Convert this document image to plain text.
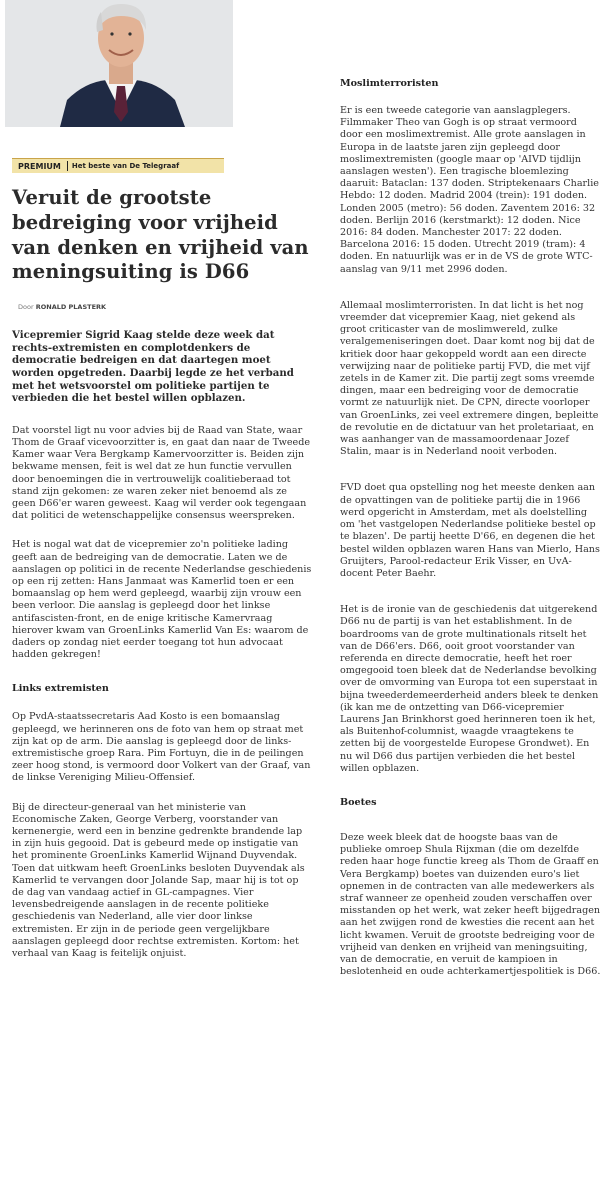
PREMIUM	Het beste van De Telegraaf
Veruit de grootste bedreiging voor vrijheid van denken en vrijheid van meningsuiting is D66
Door RONALD PLASTERK
Vicepremier Sigrid Kaag stelde deze week dat rechts-extremisten en complotdenkers de democratie bedreigen en dat daartegen moet worden opgetreden. Daarbij legde ze het verband met het wetsvoorstel om politieke partijen te verbieden die het bestel willen opblazen.

Dat voorstel ligt nu voor advies bij de Raad van State, waar Thom de Graaf vicevoorzitter is, en gaat dan naar de Tweede Kamer waar Vera Bergkamp Kamervoorzitter is. Beiden zijn bekwame mensen, feit is wel dat ze hun functie vervullen door benoemingen die in vertrouwelijk coalitieberaad tot stand zijn gekomen: ze waren zeker niet benoemd als ze geen D66'er waren geweest. Kaag wil verder ook tegengaan dat politici de wetenschappelijke consensus weerspreken.

Het is nogal wat dat de vicepremier zo'n politieke lading geeft aan de bedreiging van de democratie. Laten we de aanslagen op politici in de recente Nederlandse geschiedenis op een rij zetten: Hans Janmaat was Kamerlid toen er een bomaanslag op hem werd gepleegd, waarbij zijn vrouw een been verloor. Die aanslag is gepleegd door het linkse antifascisten-front, en de enige kritische Kamervraag hierover kwam van GroenLinks Kamerlid Van Es: waarom de daders op zondag niet eerder toegang tot hun advocaat hadden gekregen!

Links extremisten

Op PvdA-staatssecretaris Aad Kosto is een bomaanslag gepleegd, we herinneren ons de foto van hem op straat met zijn kat op de arm. Die aanslag is gepleegd door de links-extremistische groep Rara. Pim Fortuyn, die in de peilingen zeer hoog stond, is vermoord door Volkert van der Graaf, van de linkse Vereniging Milieu-Offensief.

Bij de directeur-generaal van het ministerie van Economische Zaken, George Verberg, voorstander van kernenergie, werd een in benzine gedrenkte brandende lap in zijn huis gegooid. Dat is gebeurd mede op instigatie van het prominente GroenLinks Kamerlid Wijnand Duyvendak. Toen dat uitkwam heeft GroenLinks besloten Duyvendak als Kamerlid te vervangen door Jolande Sap, maar hij is tot op de dag van vandaag actief in GL-campagnes. Vier levensbedreigende aanslagen in de recente politieke geschiedenis van Nederland, alle vier door linkse extremisten. Er zijn in de periode geen vergelijkbare aanslagen gepleegd door rechtse extremisten. Kortom: het verhaal van Kaag is feitelijk onjuist.

Moslimterroristen

Er is een tweede categorie van aanslagplegers. Filmmaker Theo van Gogh is op straat vermoord door een moslimextremist. Alle grote aanslagen in Europa in de laatste jaren zijn gepleegd door moslimextremisten (google maar op 'AIVD tijdlijn aanslagen westen'). Een tragische bloemlezing daaruit: Bataclan: 137 doden. Striptekenaars Charlie Hebdo: 12 doden. Madrid 2004 (trein): 191 doden. Londen 2005 (metro): 56 doden. Zaventem 2016: 32 doden. Berlijn 2016 (kerstmarkt): 12 doden. Nice 2016: 84 doden. Manchester 2017: 22 doden. Barcelona 2016: 15 doden. Utrecht 2019 (tram): 4 doden. En natuurlijk was er in de VS de grote WTC-aanslag van 9/11 met 2996 doden.

Allemaal moslimterroristen. In dat licht is het nog vreemder dat vicepremier Kaag, niet gekend als groot criticaster van de moslimwereld, zulke veralgemeniseringen doet. Daar komt nog bij dat de kritiek door haar gekoppeld wordt aan een directe verwijzing naar de politieke partij FVD, die met vijf zetels in de Kamer zit. Die partij zegt soms vreemde dingen, maar een bedreiging voor de democratie vormt ze natuurlijk niet. De CPN, directe voorloper van GroenLinks, zei veel extremere dingen, bepleitte de revolutie en de dictatuur van het proletariaat, en was aanhanger van de massamoordenaar Jozef Stalin, maar is in Nederland nooit verboden.

FVD doet qua opstelling nog het meeste denken aan de opvattingen van de politieke partij die in 1966 werd opgericht in Amsterdam, met als doelstelling om 'het vastgelopen Nederlandse politieke bestel op te blazen'. De partij heette D'66, en degenen die het bestel wilden opblazen waren Hans van Mierlo, Hans Gruijters, Parool-redacteur Erik Visser, en UvA-docent Peter Baehr.

Het is de ironie van de geschiedenis dat uitgerekend D66 nu de partij is van het establishment. In de boardrooms van de grote multinationals ritselt het van de D66'ers. D66, ooit groot voorstander van referenda en directe democratie, heeft het roer omgegooid toen bleek dat de Nederlandse bevolking over de omvorming van Europa tot een superstaat in bijna tweederdemeerderheid anders bleek te denken (ik kan me de ontzetting van D66-vicepremier Laurens Jan Brinkhorst goed herinneren toen ik het, als Buitenhof-columnist, waagde vraagtekens te zetten bij de voorgestelde Europese Grondwet). En nu wil D66 dus partijen verbieden die het bestel willen opblazen.

Boetes

Deze week bleek dat de hoogste baas van de publieke omroep Shula Rijxman (die om dezelfde reden haar hoge functie kreeg als Thom de Graaff en Vera Bergkamp) boetes van duizenden euro's liet opnemen in de contracten van alle medewerkers als straf wanneer ze openheid zouden verschaffen over misstanden op het werk, wat zeker heeft bijgedragen aan het zwijgen rond de kwesties die recent aan het licht kwamen. Veruit de grootste bedreiging voor de vrijheid van denken en vrijheid van meningsuiting, van de democratie, en veruit de kampioen in beslotenheid en oude achterkamertjespolitiek is D66.
